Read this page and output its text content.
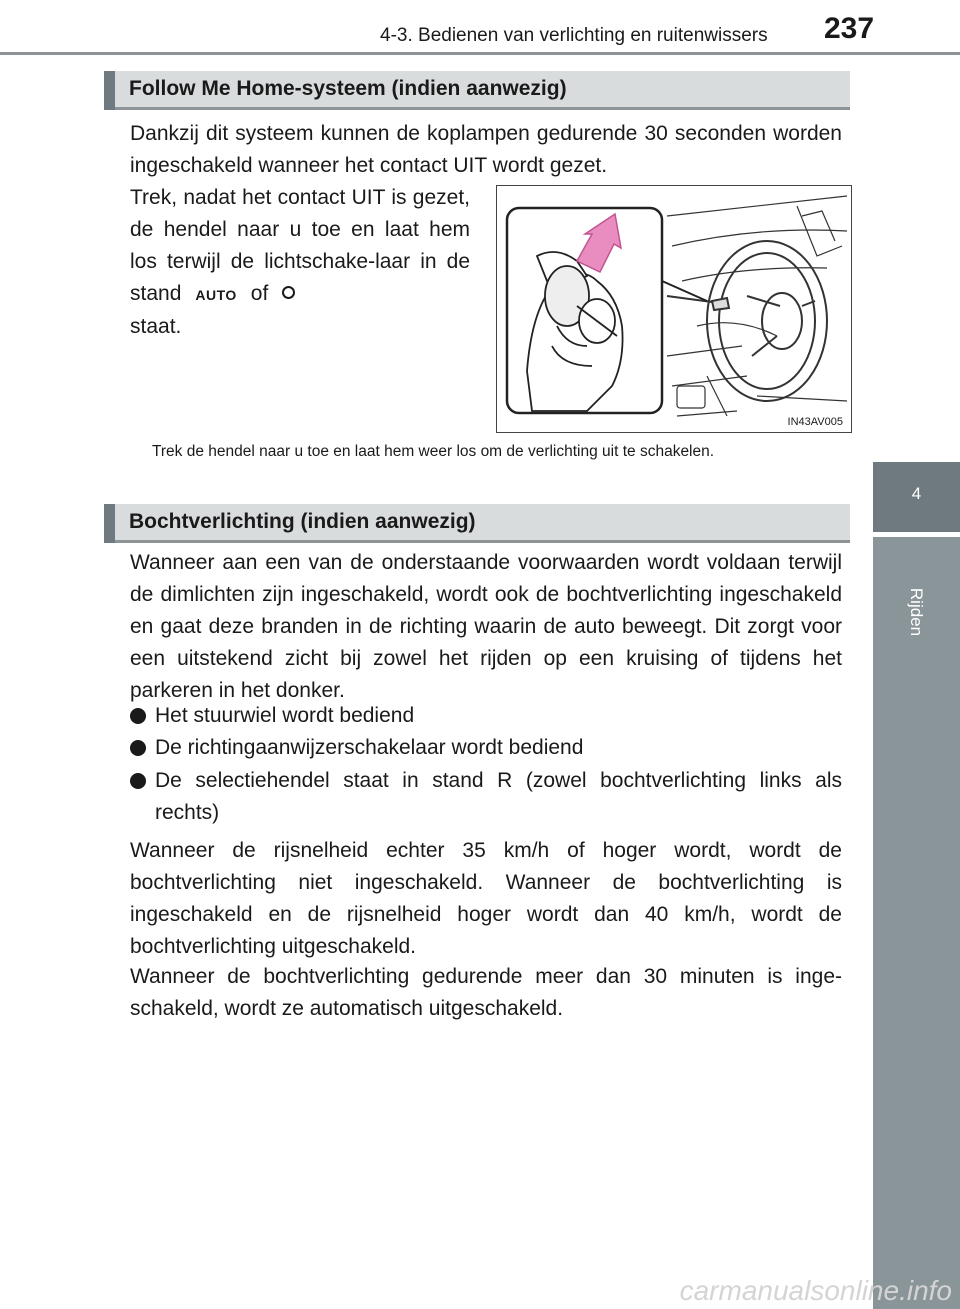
4-3. Bedienen van verlichting en ruitenwissers 237
4
Rijden
Follow Me Home-systeem (indien aanwezig)

Dankzij dit systeem kunnen de koplampen gedurende 30 seconden worden ingeschakeld wanneer het contact UIT wordt gezet.

Trek, nadat het contact UIT is gezet, de hendel naar u toe en laat hem los terwijl de lichtschake-laar in de stand AUTO of
staat.
IN43AV005

Trek de hendel naar u toe en laat hem weer los om de verlichting uit te schakelen.

Bochtverlichting (indien aanwezig)

Wanneer aan een van de onderstaande voorwaarden wordt voldaan terwijl de dimlichten zijn ingeschakeld, wordt ook de bochtverlichting ingeschakeld en gaat deze branden in de richting waarin de auto beweegt. Dit zorgt voor een uitstekend zicht bij zowel het rijden op een kruising of tijdens het parkeren in het donker.

Het stuurwiel wordt bediend
De richtingaanwijzerschakelaar wordt bediend
De selectiehendel staat in stand R (zowel bochtverlichting links als rechts)

Wanneer de rijsnelheid echter 35 km/h of hoger wordt, wordt de bochtverlichting niet ingeschakeld. Wanneer de bochtverlichting is ingeschakeld en de rijsnelheid hoger wordt dan 40 km/h, wordt de bochtverlichting uitgeschakeld.

Wanneer de bochtverlichting gedurende meer dan 30 minuten is inge-schakeld, wordt ze automatisch uitgeschakeld.

carmanualsonline.info
